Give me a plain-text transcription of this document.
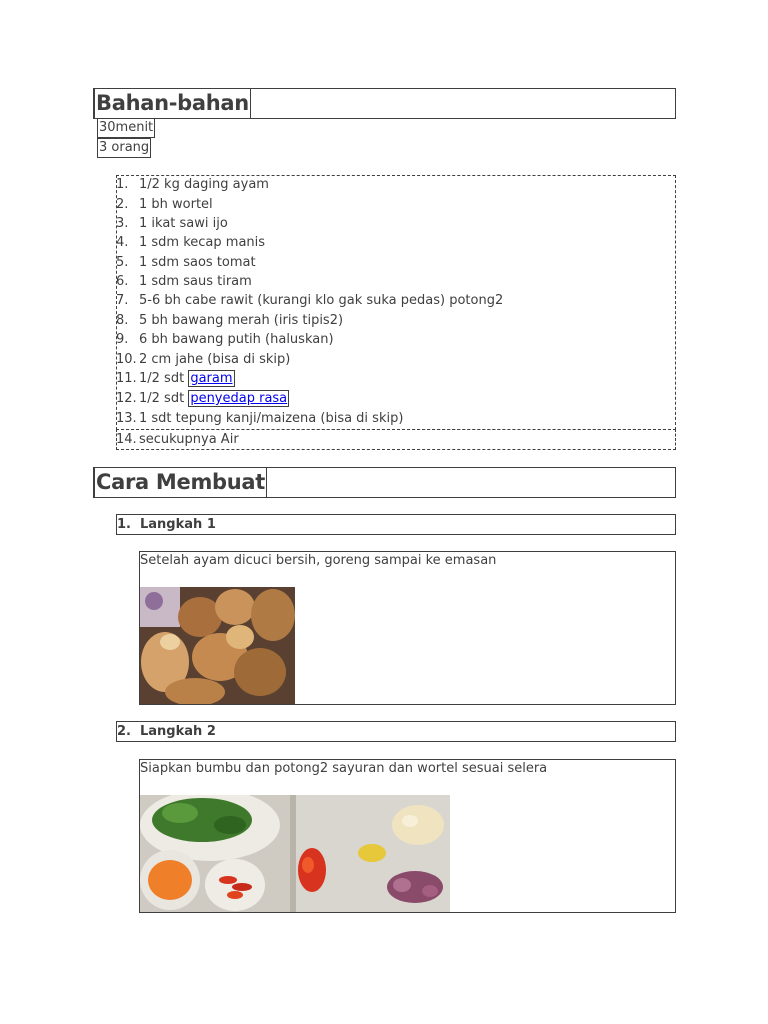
Bahan-bahan
30menit
3 orang
1. 1/2 kg daging ayam
2. 1 bh wortel
3. 1 ikat sawi ijo
4. 1 sdm kecap manis
5. 1 sdm saos tomat
6. 1 sdm saus tiram
7. 5-6 bh cabe rawit (kurangi klo gak suka pedas) potong2
8. 5 bh bawang merah (iris tipis2)
9. 6 bh bawang putih (haluskan)
10. 2 cm jahe (bisa di skip)
11. 1/2 sdt garam
12. 1/2 sdt penyedap rasa
13. 1 sdt tepung kanji/maizena (bisa di skip)
14. secukupnya Air
Cara Membuat
1. Langkah 1
Setelah ayam dicuci bersih, goreng sampai ke emasan
2. Langkah 2
Siapkan bumbu dan potong2 sayuran dan wortel sesuai selera
